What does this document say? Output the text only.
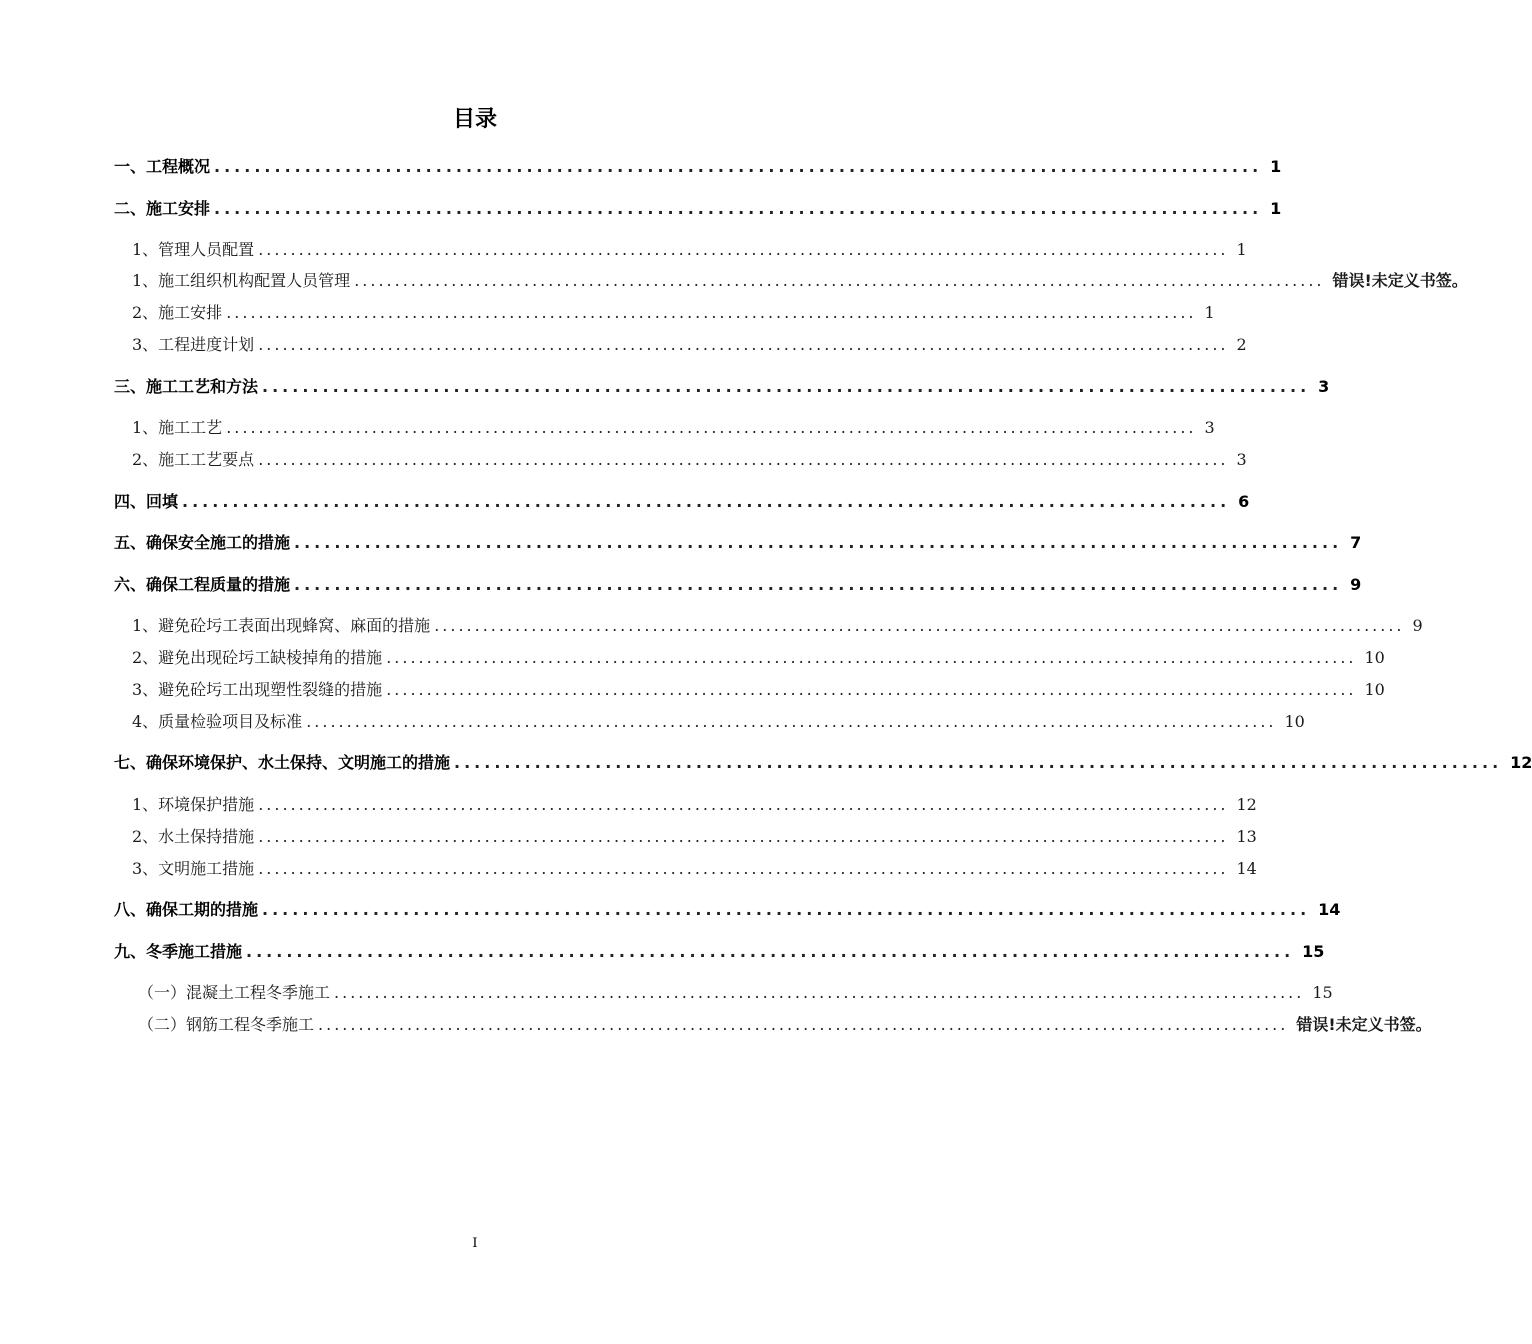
目录
一、工程概况 ........................................................................................................ 1
二、施工安排 ........................................................................................................ 1
1、管理人员配置 ........................................................................................................................ 1
1、施工组织机构配置人员管理 ........................................................................................................................ 错误!未定义书签。
2、施工安排 ........................................................................................................................ 1
3、工程进度计划 ........................................................................................................................ 2
三、施工工艺和方法 ........................................................................................................ 3
1、施工工艺 ........................................................................................................................ 3
2、施工工艺要点 ........................................................................................................................ 3
四、回填 ........................................................................................................ 6
五、确保安全施工的措施 ........................................................................................................ 7
六、确保工程质量的措施 ........................................................................................................ 9
1、避免砼圬工表面出现蜂窝、麻面的措施 ........................................................................................................................ 9
2、避免出现砼圬工缺棱掉角的措施 ........................................................................................................................ 10
3、避免砼圬工出现塑性裂缝的措施 ........................................................................................................................ 10
4、质量检验项目及标准 ........................................................................................................................ 10
七、确保环境保护、水土保持、文明施工的措施 ........................................................................................................ 12
1、环境保护措施 ........................................................................................................................ 12
2、水土保持措施 ........................................................................................................................ 13
3、文明施工措施 ........................................................................................................................ 14
八、确保工期的措施 ........................................................................................................ 14
九、冬季施工措施 ........................................................................................................ 15
（一）混凝土工程冬季施工 ........................................................................................................................ 15
（二）钢筋工程冬季施工 ........................................................................................................................ 错误!未定义书签。
I
